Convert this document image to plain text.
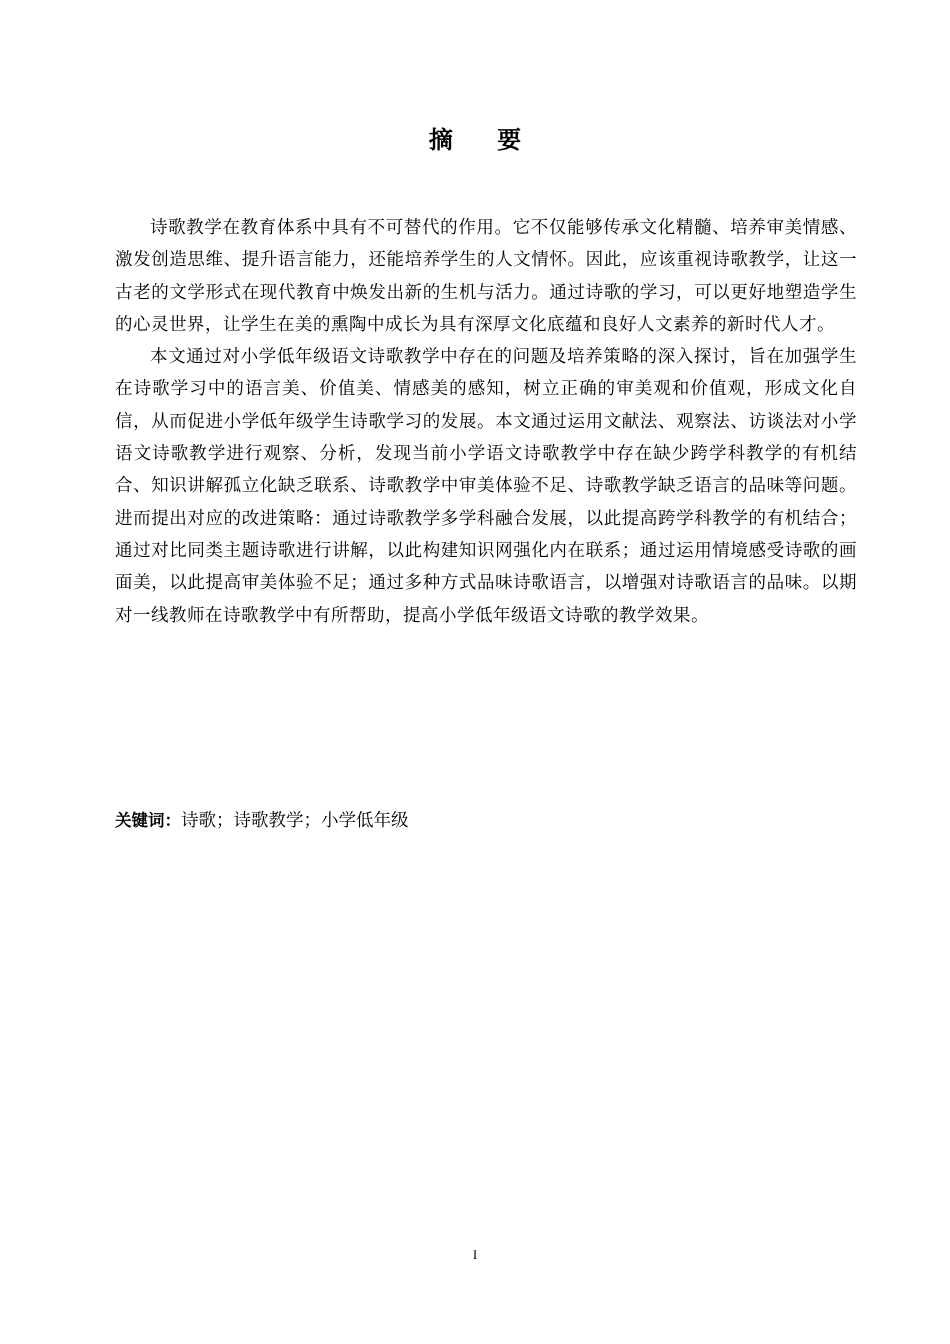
摘 要

诗歌教学在教育体系中具有不可替代的作用。它不仅能够传承文化精髓、培养审美情感、激发创造思维、提升语言能力，还能培养学生的人文情怀。因此，应该重视诗歌教学，让这一古老的文学形式在现代教育中焕发出新的生机与活力。通过诗歌的学习，可以更好地塑造学生的心灵世界，让学生在美的熏陶中成长为具有深厚文化底蕴和良好人文素养的新时代人才。

本文通过对小学低年级语文诗歌教学中存在的问题及培养策略的深入探讨，旨在加强学生在诗歌学习中的语言美、价值美、情感美的感知，树立正确的审美观和价值观，形成文化自信，从而促进小学低年级学生诗歌学习的发展。本文通过运用文献法、观察法、访谈法对小学语文诗歌教学进行观察、分析，发现当前小学语文诗歌教学中存在缺少跨学科教学的有机结合、知识讲解孤立化缺乏联系、诗歌教学中审美体验不足、诗歌教学缺乏语言的品味等问题。进而提出对应的改进策略：通过诗歌教学多学科融合发展，以此提高跨学科教学的有机结合；通过对比同类主题诗歌进行讲解，以此构建知识网强化内在联系；通过运用情境感受诗歌的画面美，以此提高审美体验不足；通过多种方式品味诗歌语言，以增强对诗歌语言的品味。以期对一线教师在诗歌教学中有所帮助，提高小学低年级语文诗歌的教学效果。

关键词：诗歌；诗歌教学；小学低年级
I
